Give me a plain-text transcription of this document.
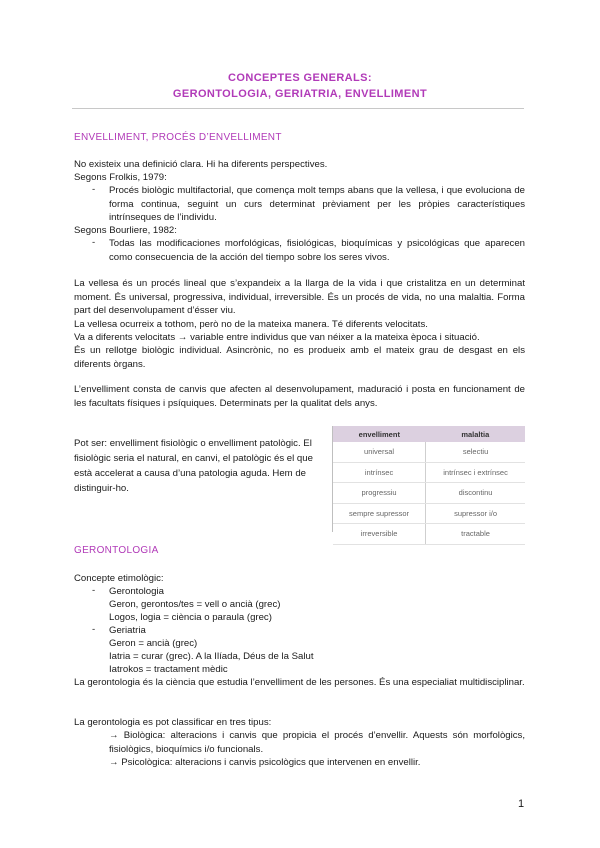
CONCEPTES GENERALS:
GERONTOLOGIA, GERIATRIA, ENVELLIMENT
ENVELLIMENT, PROCÉS D’ENVELLIMENT
No existeix una definició clara. Hi ha diferents perspectives.
Segons Frolkis, 1979:
- Procés biològic multifactorial, que comença molt temps abans que la vellesa, i que evoluciona de forma continua, seguint un curs determinat prèviament per les pròpies característiques intrínseques de l’individu.
Segons Bourliere, 1982:
- Todas las modificaciones morfológicas, fisiológicas, bioquímicas y psicológicas que aparecen como consecuencia de la acción del tiempo sobre los seres vivos.
La vellesa és un procés lineal que s’expandeix a la llarga de la vida i que cristalitza en un determinat moment. És universal, progressiva, individual, irreversible. És un procés de vida, no una malaltia. Forma part del desenvolupament d’ésser viu.
La vellesa ocurreix a tothom, però no de la mateixa manera. Té diferents velocitats.
Va a diferents velocitats → variable entre individus que van néixer a la mateixa època i situació.
És un rellotge biològic individual. Asincrònic, no es produeix amb el mateix grau de desgast en els diferents òrgans.
L’envelliment consta de canvis que afecten al desenvolupament, maduració i posta en funcionament de les facultats físiques i psíquiques. Determinats per la qualitat dels anys.
Pot ser: envelliment fisiològic o envelliment patològic. El fisiològic seria el natural, en canvi, el patològic és el que està accelerat a causa d’una patologia aguda. Hem de distinguir-ho.
envelliment	malaltia
universal	selectiu
intrínsec	intrínsec i extrínsec
progressiu	discontinu
sempre supressor	supressor i/o
irreversible	tractable
GERONTOLOGIA
Concepte etimològic:
- Gerontologia
Geron, gerontos/tes = vell o ancià (grec)
Logos, logia = ciència o paraula (grec)
- Geriatria
Geron = ancià (grec)
Iatria = curar (grec). A la Ilíada, Déus de la Salut
Iatrokos = tractament mèdic
La gerontologia és la ciència que estudia l’envelliment de les persones. És una especialiat multidisciplinar.
La gerontologia es pot classificar en tres tipus:
→ Biològica: alteracions i canvis que propicia el procés d’envellir. Aquests són morfològics, fisiològics, bioquímics i/o funcionals.
→ Psicològica: alteracions i canvis psicològics que intervenen en envellir.
1
